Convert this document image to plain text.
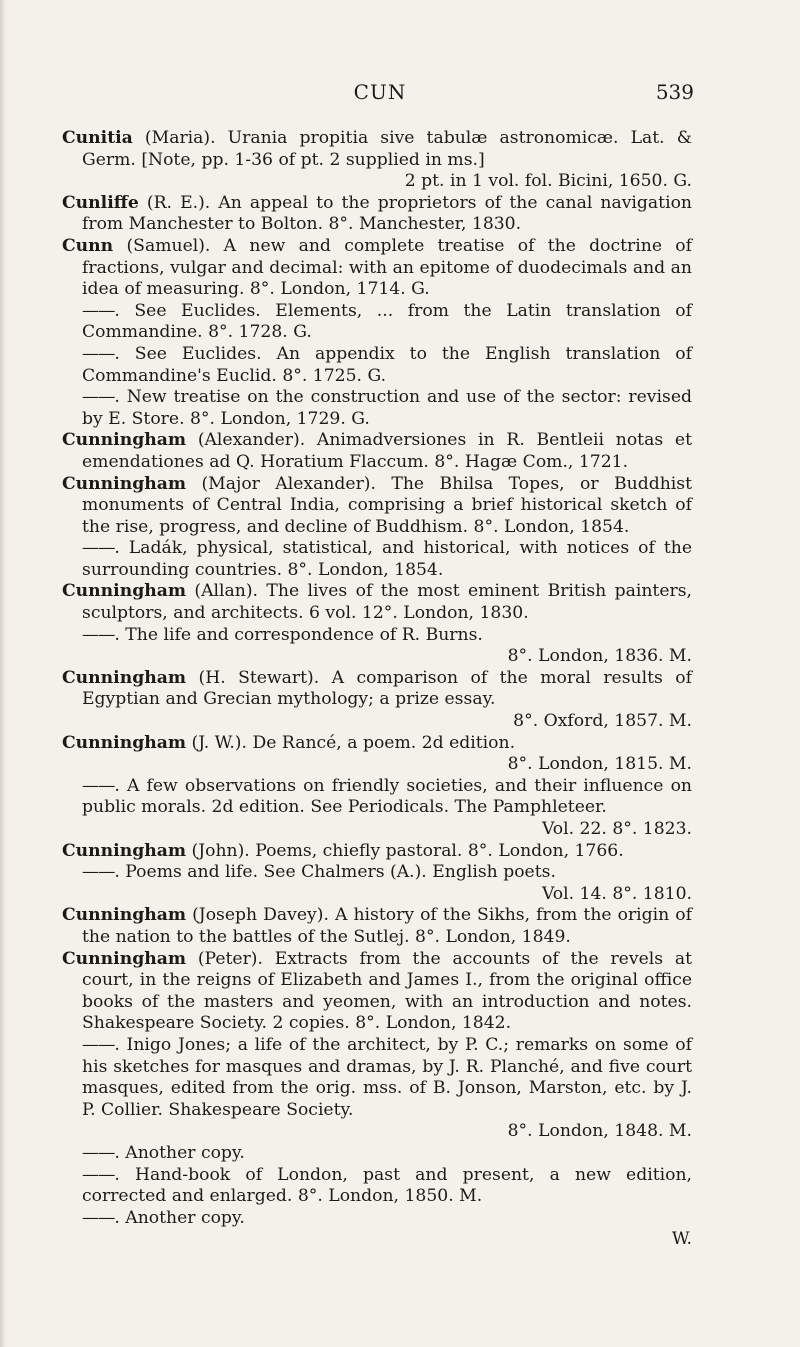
CUN	539

Cunitia (Maria). Urania propitia sive tabulæ astronomicæ. Lat. & Germ. [Note, pp. 1-36 of pt. 2 supplied in ms.]
2 pt. in 1 vol. fol. Bicini, 1650. G.

Cunliffe (R. E.). An appeal to the proprietors of the canal navigation from Manchester to Bolton. 8°. Manchester, 1830.

Cunn (Samuel). A new and complete treatise of the doctrine of fractions, vulgar and decimal: with an epitome of duodecimals and an idea of measuring. 8°. London, 1714. G.

——. See Euclides. Elements, ... from the Latin translation of Commandine. 8°. 1728. G.

——. See Euclides. An appendix to the English translation of Commandine's Euclid. 8°. 1725. G.

——. New treatise on the construction and use of the sector: revised by E. Store. 8°. London, 1729. G.

Cunningham (Alexander). Animadversiones in R. Bentleii notas et emendationes ad Q. Horatium Flaccum. 8°. Hagæ Com., 1721.

Cunningham (Major Alexander). The Bhilsa Topes, or Buddhist monuments of Central India, comprising a brief historical sketch of the rise, progress, and decline of Buddhism. 8°. London, 1854.

——. Ladák, physical, statistical, and historical, with notices of the surrounding countries. 8°. London, 1854.

Cunningham (Allan). The lives of the most eminent British painters, sculptors, and architects. 6 vol. 12°. London, 1830.

——. The life and correspondence of R. Burns.
8°. London, 1836. M.

Cunningham (H. Stewart). A comparison of the moral results of Egyptian and Grecian mythology; a prize essay.
8°. Oxford, 1857. M.

Cunningham (J. W.). De Rancé, a poem. 2d edition.
8°. London, 1815. M.

——. A few observations on friendly societies, and their influence on public morals. 2d edition. See Periodicals. The Pamphleteer.
Vol. 22. 8°. 1823.

Cunningham (John). Poems, chiefly pastoral. 8°. London, 1766.

——. Poems and life. See Chalmers (A.). English poets.
Vol. 14. 8°. 1810.

Cunningham (Joseph Davey). A history of the Sikhs, from the origin of the nation to the battles of the Sutlej. 8°. London, 1849.

Cunningham (Peter). Extracts from the accounts of the revels at court, in the reigns of Elizabeth and James I., from the original office books of the masters and yeomen, with an introduction and notes. Shakespeare Society. 2 copies. 8°. London, 1842.

——. Inigo Jones; a life of the architect, by P. C.; remarks on some of his sketches for masques and dramas, by J. R. Planché, and five court masques, edited from the orig. mss. of B. Jonson, Marston, etc. by J. P. Collier. Shakespeare Society.
8°. London, 1848. M.

——. Another copy.

——. Hand-book of London, past and present, a new edition, corrected and enlarged. 8°. London, 1850. M.

——. Another copy.
W.
